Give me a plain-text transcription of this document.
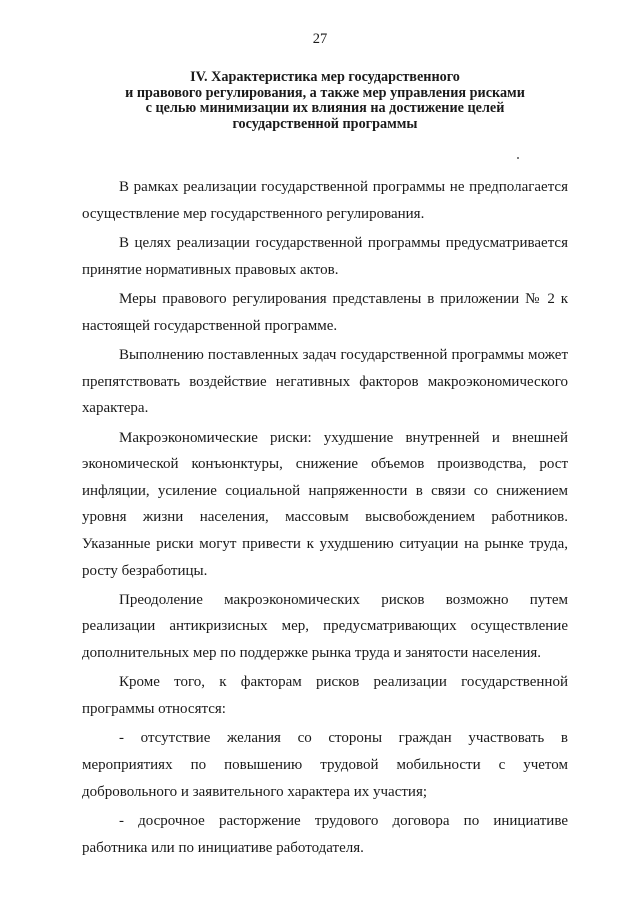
27
IV. Характеристика мер государственного
и правового регулирования, а также мер управления рисками
с целью минимизации их влияния на достижение целей
государственной программы

В рамках реализации государственной программы не предполагается осуществление мер государственного регулирования.

В целях реализации государственной программы предусматривается принятие нормативных правовых актов.

Меры правового регулирования представлены в приложении № 2 к настоящей государственной программе.

Выполнению поставленных задач государственной программы может препятствовать воздействие негативных факторов макроэкономического характера.

Макроэкономические риски: ухудшение внутренней и внешней экономической конъюнктуры, снижение объемов производства, рост инфляции, усиление социальной напряженности в связи со снижением уровня жизни населения, массовым высвобождением работников. Указанные риски могут привести к ухудшению ситуации на рынке труда, росту безработицы.

Преодоление макроэкономических рисков возможно путем реализации антикризисных мер, предусматривающих осуществление дополнительных мер по поддержке рынка труда и занятости населения.

Кроме того, к факторам рисков реализации государственной программы относятся:

- отсутствие желания со стороны граждан участвовать в мероприятиях по повышению трудовой мобильности с учетом добровольного и заявительного характера их участия;

- досрочное расторжение трудового договора по инициативе работника или по инициативе работодателя.
